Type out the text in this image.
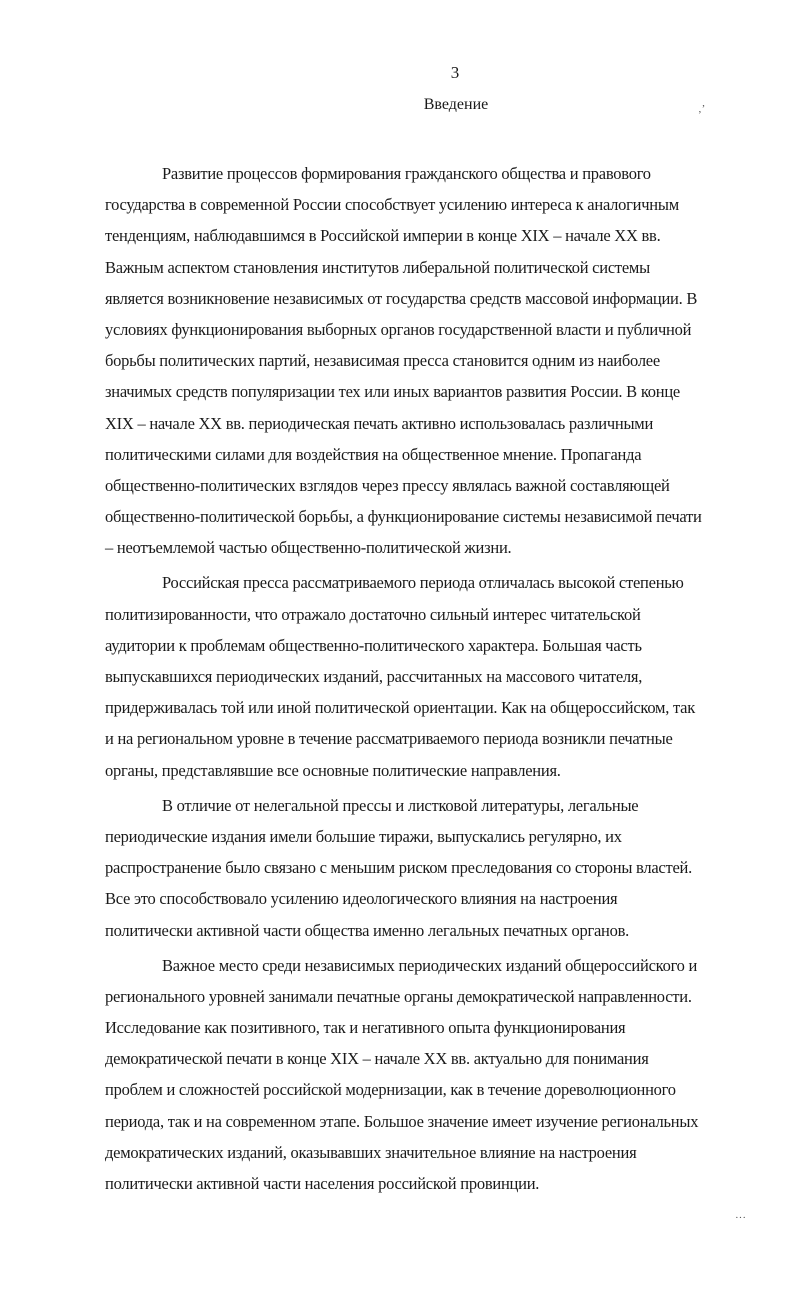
3
Введение	‚’
···
Развитие процессов формирования гражданского общества и правового
государства в современной России способствует усилению интереса к аналогичным
тенденциям, наблюдавшимся в Российской империи в конце XIX – начале XX вв.
Важным аспектом становления институтов либеральной политической системы
является возникновение независимых от государства средств массовой информации. В
условиях функционирования выборных органов государственной власти и публичной
борьбы политических партий, независимая пресса становится одним из наиболее
значимых средств популяризации тех или иных вариантов развития России. В конце
XIX – начале XX вв. периодическая печать активно использовалась различными
политическими силами для воздействия на общественное мнение. Пропаганда
общественно-политических взглядов через прессу являлась важной составляющей
общественно-политической борьбы, а функционирование системы независимой печати
– неотъемлемой частью общественно-политической жизни.
Российская пресса рассматриваемого периода отличалась высокой степенью
политизированности, что отражало достаточно сильный интерес читательской
аудитории к проблемам общественно-политического характера. Большая часть
выпускавшихся периодических изданий, рассчитанных на массового читателя,
придерживалась той или иной политической ориентации. Как на общероссийском, так
и на региональном уровне в течение рассматриваемого периода возникли печатные
органы, представлявшие все основные политические направления.
В отличие от нелегальной прессы и листковой литературы, легальные
периодические издания имели большие тиражи, выпускались регулярно, их
распространение было связано с меньшим риском преследования со стороны властей.
Все это способствовало усилению идеологического влияния на настроения
политически активной части общества именно легальных печатных органов.
Важное место среди независимых периодических изданий общероссийского и
регионального уровней занимали печатные органы демократической направленности.
Исследование как позитивного, так и негативного опыта функционирования
демократической печати в конце XIX – начале XX вв. актуально для понимания
проблем и сложностей российской модернизации, как в течение дореволюционного
периода, так и на современном этапе. Большое значение имеет изучение региональных
демократических изданий, оказывавших значительное влияние на настроения
политически активной части населения российской провинции.
